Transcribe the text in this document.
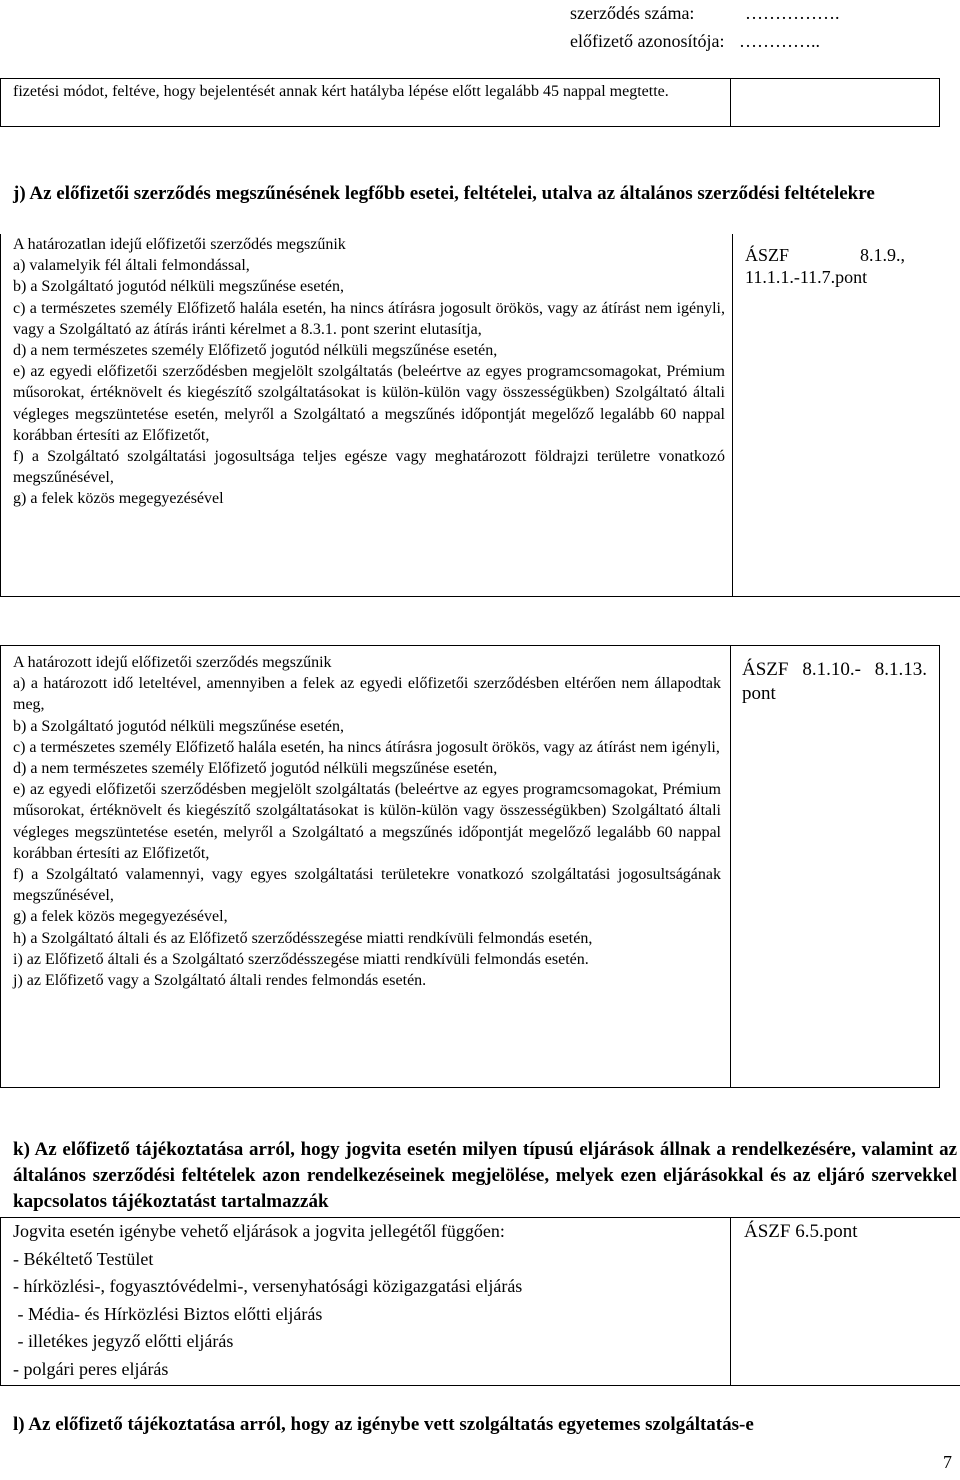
szerződés száma:	…………….
előfizető azonosítója: …………..

fizetési módot, feltéve, hogy bejelentését annak kért hatályba lépése előtt legalább 45 nappal megtette.

j) Az előfizetői szerződés megszűnésének legfőbb esetei, feltételei, utalva az általános szerződési feltételekre

A határozatlan idejű előfizetői szerződés megszűnik

a) valamelyik fél általi felmondással,

b) a Szolgáltató jogutód nélküli megszűnése esetén,

c) a természetes személy Előfizető halála esetén, ha nincs átírásra jogosult örökös, vagy az átírást nem igényli, vagy a Szolgáltató az átírás iránti kérelmet a 8.3.1. pont szerint elutasítja,

d) a nem természetes személy Előfizető jogutód nélküli megszűnése esetén,

e) az egyedi előfizetői szerződésben megjelölt szolgáltatás (beleértve az egyes programcsomagokat, Prémium műsorokat, értéknövelt és kiegészítő szolgáltatásokat is külön-külön vagy összességükben) Szolgáltató általi végleges megszüntetése esetén, melyről a Szolgáltató a megszűnés időpontját megelőző legalább 60 nappal korábban értesíti az Előfizetőt,

f) a Szolgáltató szolgáltatási jogosultsága teljes egésze vagy meghatározott földrajzi területre vonatkozó megszűnésével,

g) a felek közös megegyezésével

ÁSZF 8.1.9., 11.1.1.-11.7.pont

A határozott idejű előfizetői szerződés megszűnik

a) a határozott idő leteltével, amennyiben a felek az egyedi előfizetői szerződésben eltérően nem állapodtak meg,

b) a Szolgáltató jogutód nélküli megszűnése esetén,

c) a természetes személy Előfizető halála esetén, ha nincs átírásra jogosult örökös, vagy az átírást nem igényli,

d) a nem természetes személy Előfizető jogutód nélküli megszűnése esetén,

e) az egyedi előfizetői szerződésben megjelölt szolgáltatás (beleértve az egyes programcsomagokat, Prémium műsorokat, értéknövelt és kiegészítő szolgáltatásokat is külön-külön vagy összességükben) Szolgáltató általi végleges megszüntetése esetén, melyről a Szolgáltató a megszűnés időpontját megelőző legalább 60 nappal korábban értesíti az Előfizetőt,

f) a Szolgáltató valamennyi, vagy egyes szolgáltatási területekre vonatkozó szolgáltatási jogosultságának megszűnésével,

g) a felek közös megegyezésével,

h) a Szolgáltató általi és az Előfizető szerződésszegése miatti rendkívüli felmondás esetén,

i) az Előfizető általi és a Szolgáltató szerződésszegése miatti rendkívüli felmondás esetén.

j) az Előfizető vagy a Szolgáltató általi rendes felmondás esetén.

ÁSZF 8.1.10.- 8.1.13. pont
k) Az előfizető tájékoztatása arról, hogy jogvita esetén milyen típusú eljárások állnak a rendelkezésére, valamint az általános szerződési feltételek azon rendelkezéseinek megjelölése, melyek ezen eljárásokkal és az eljáró szervekkel kapcsolatos tájékoztatást tartalmazzák
Jogvita esetén igénybe vehető eljárások a jogvita jellegétől függően:
- Békéltető Testület
- hírközlési-, fogyasztóvédelmi-, versenyhatósági közigazgatási eljárás
- Média- és Hírközlési Biztos előtti eljárás
- illetékes jegyző előtti eljárás
- polgári peres eljárás
ÁSZF 6.5.pont
l) Az előfizető tájékoztatása arról, hogy az igénybe vett szolgáltatás egyetemes szolgáltatás-e
7
